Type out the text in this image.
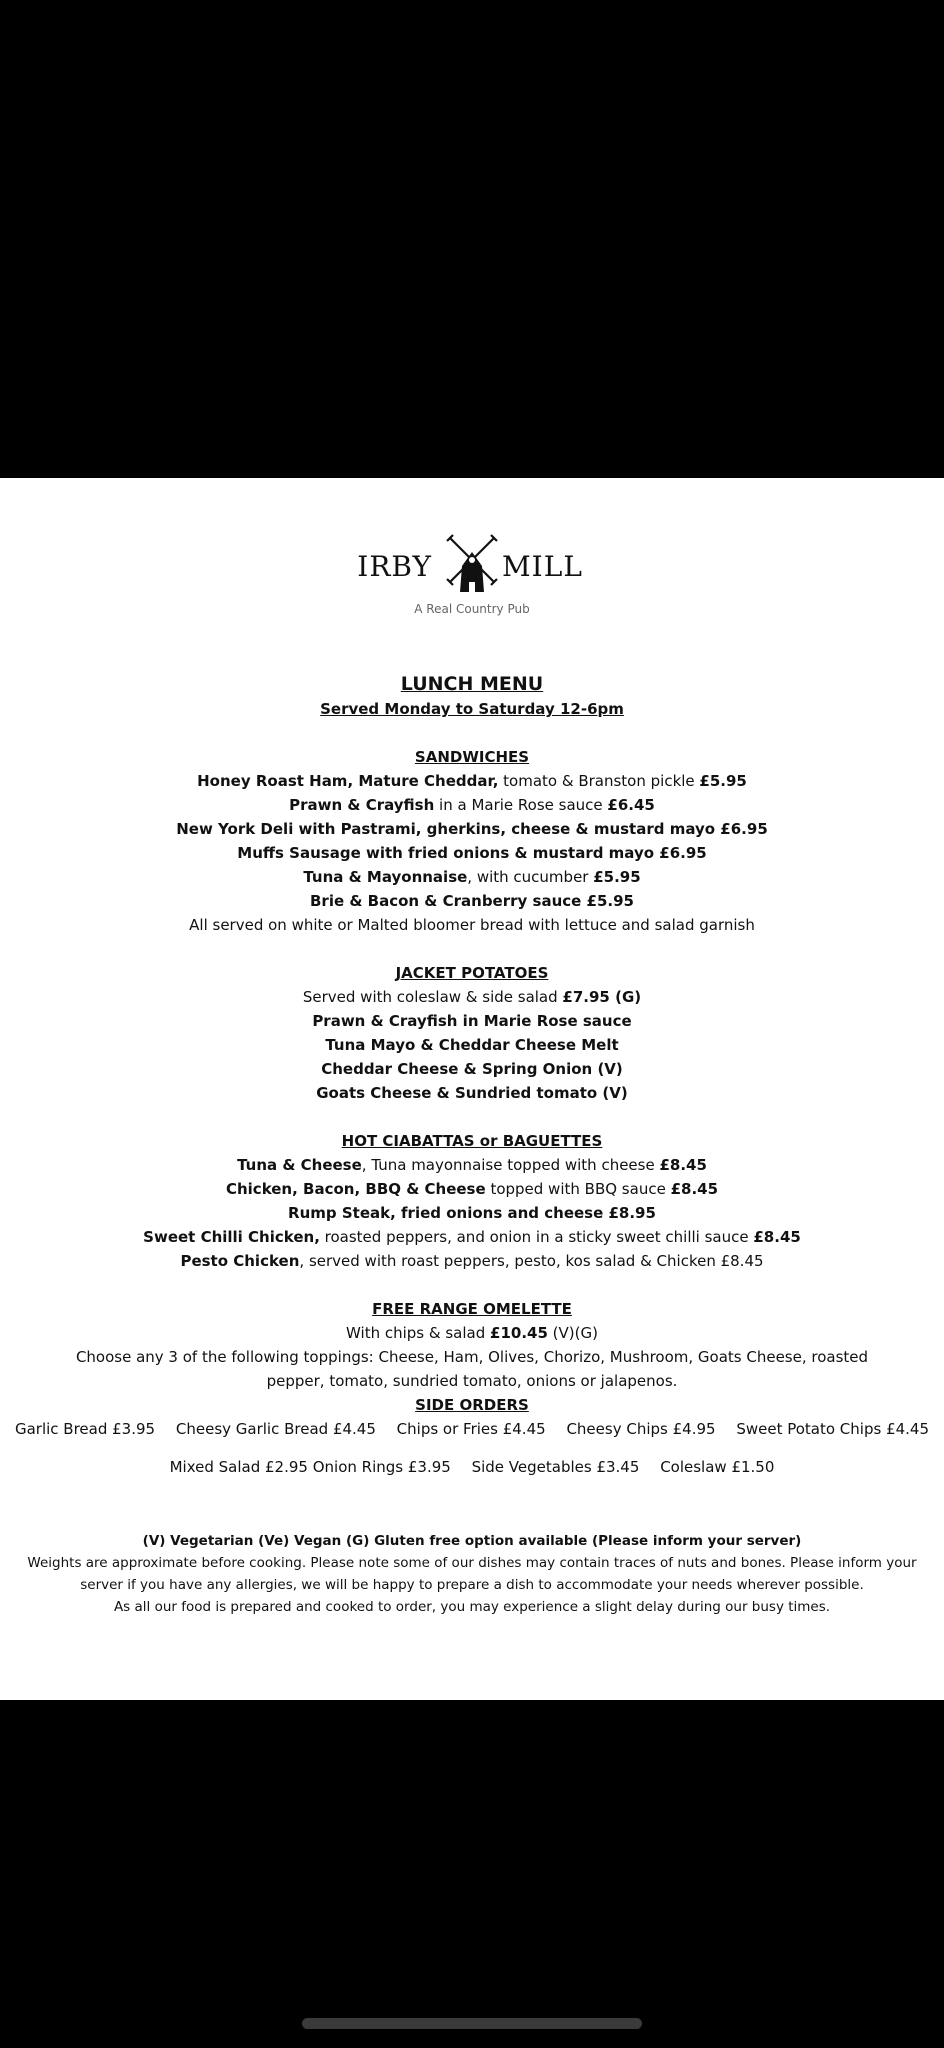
IRBY	MILL
A Real Country Pub
LUNCH MENU
Served Monday to Saturday 12-6pm
SANDWICHES
Honey Roast Ham, Mature Cheddar, tomato & Branston pickle £5.95
Prawn & Crayfish in a Marie Rose sauce £6.45
New York Deli with Pastrami, gherkins, cheese & mustard mayo £6.95
Muffs Sausage with fried onions & mustard mayo £6.95
Tuna & Mayonnaise, with cucumber £5.95
Brie & Bacon & Cranberry sauce £5.95
All served on white or Malted bloomer bread with lettuce and salad garnish
JACKET POTATOES
Served with coleslaw & side salad £7.95 (G)
Prawn & Crayfish in Marie Rose sauce
Tuna Mayo & Cheddar Cheese Melt
Cheddar Cheese & Spring Onion (V)
Goats Cheese & Sundried tomato (V)
HOT CIABATTAS or BAGUETTES
Tuna & Cheese, Tuna mayonnaise topped with cheese £8.45
Chicken, Bacon, BBQ & Cheese topped with BBQ sauce £8.45
Rump Steak, fried onions and cheese £8.95
Sweet Chilli Chicken, roasted peppers, and onion in a sticky sweet chilli sauce £8.45
Pesto Chicken, served with roast peppers, pesto, kos salad & Chicken £8.45
FREE RANGE OMELETTE
With chips & salad £10.45 (V)(G)
Choose any 3 of the following toppings: Cheese, Ham, Olives, Chorizo, Mushroom, Goats Cheese, roasted pepper, tomato, sundried tomato, onions or jalapenos.
SIDE ORDERS
Garlic Bread £3.95 Cheesy Garlic Bread £4.45 Chips or Fries £4.45 Cheesy Chips £4.95 Sweet Potato Chips £4.45
Mixed Salad £2.95 Onion Rings £3.95 Side Vegetables £3.45 Coleslaw £1.50
(V) Vegetarian (Ve) Vegan (G) Gluten free option available (Please inform your server)
Weights are approximate before cooking. Please note some of our dishes may contain traces of nuts and bones. Please inform your
server if you have any allergies, we will be happy to prepare a dish to accommodate your needs wherever possible.
As all our food is prepared and cooked to order, you may experience a slight delay during our busy times.
